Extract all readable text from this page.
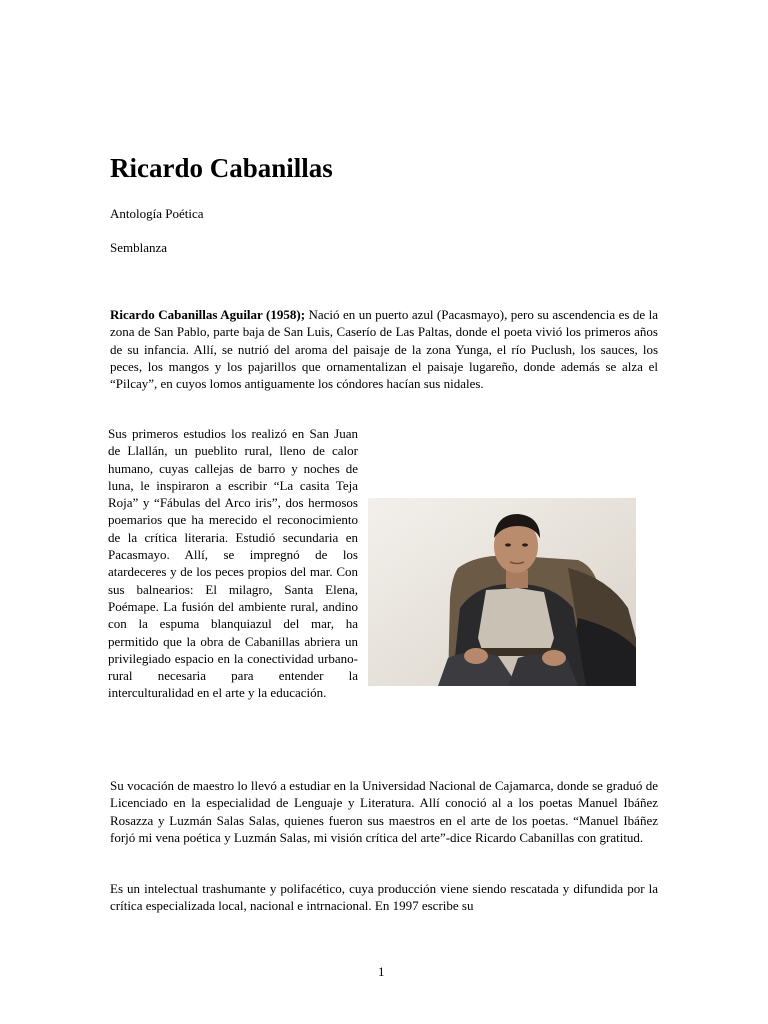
Ricardo Cabanillas

Antología Poética

Semblanza

Ricardo Cabanillas Aguilar (1958); Nació en un puerto azul (Pacasmayo), pero su ascendencia es de la zona de San Pablo, parte baja de San Luis, Caserío de Las Paltas, donde el poeta vivió los primeros años de su infancia. Allí, se nutrió del aroma del paisaje de la zona Yunga, el río Puclush, los sauces, los peces, los mangos y los pajarillos que ornamentalizan el paisaje lugareño, donde además se alza el “Pilcay”, en cuyos lomos antiguamente los cóndores hacían sus nidales.

Sus primeros estudios los realizó en San Juan de Llallán, un pueblito rural, lleno de calor humano, cuyas callejas de barro y noches de luna, le inspiraron a escribir “La casita Teja Roja” y “Fábulas del Arco iris”, dos hermosos poemarios que ha merecido el reconocimiento de la crítica literaria. Estudió secundaria en Pacasmayo. Allí, se impregnó de los atardeceres y de los peces propios del mar. Con sus balnearios: El milagro, Santa Elena, Poémape. La fusión del ambiente rural, andino con la espuma blanquiazul del mar, ha permitido que la obra de Cabanillas abriera un privilegiado espacio en la conectividad urbano-rural necesaria para entender la interculturalidad en el arte y la educación.

Su vocación de maestro lo llevó a estudiar en la Universidad Nacional de Cajamarca, donde se graduó de Licenciado en la especialidad de Lenguaje y Literatura. Allí conoció al a los poetas Manuel Ibáñez Rosazza y Luzmán Salas Salas, quienes fueron sus maestros en el arte de los poetas. “Manuel Ibáñez forjó mi vena poética y Luzmán Salas, mi visión crítica del arte”-dice Ricardo Cabanillas con gratitud.

Es un intelectual trashumante y polifacético, cuya producción viene siendo rescatada y difundida por la crítica especializada local, nacional e intrnacional. En 1997 escribe su

1
